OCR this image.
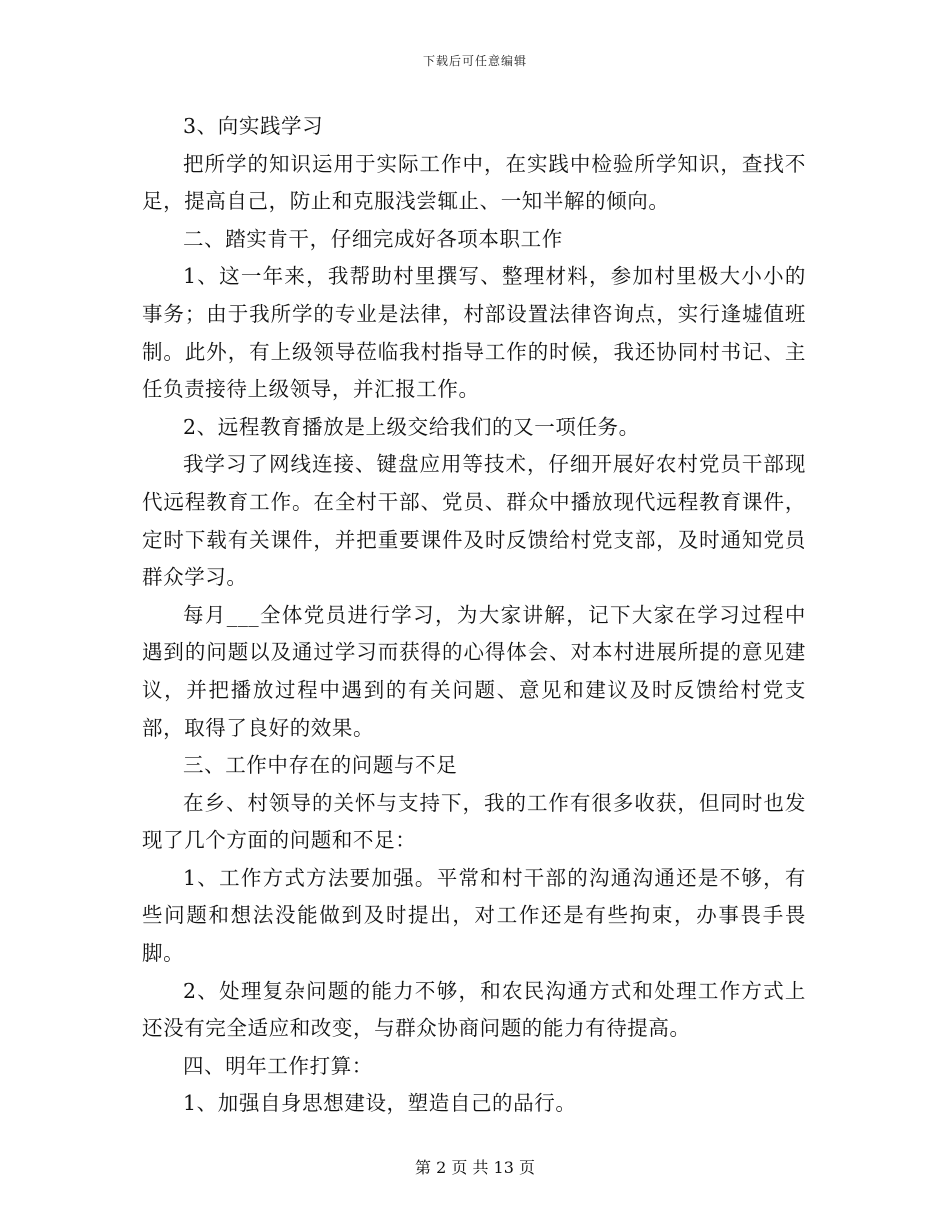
下载后可任意编辑

3、向实践学习

把所学的知识运用于实际工作中，在实践中检验所学知识，查找不足，提高自己，防止和克服浅尝辄止、一知半解的倾向。

二、踏实肯干，仔细完成好各项本职工作

1、这一年来，我帮助村里撰写、整理材料，参加村里极大小小的事务；由于我所学的专业是法律，村部设置法律咨询点，实行逢墟值班制。此外，有上级领导莅临我村指导工作的时候，我还协同村书记、主任负责接待上级领导，并汇报工作。

2、远程教育播放是上级交给我们的又一项任务。

我学习了网线连接、键盘应用等技术，仔细开展好农村党员干部现代远程教育工作。在全村干部、党员、群众中播放现代远程教育课件，定时下载有关课件，并把重要课件及时反馈给村党支部，及时通知党员群众学习。

每月___全体党员进行学习，为大家讲解，记下大家在学习过程中遇到的问题以及通过学习而获得的心得体会、对本村进展所提的意见建议，并把播放过程中遇到的有关问题、意见和建议及时反馈给村党支部，取得了良好的效果。

三、工作中存在的问题与不足

在乡、村领导的关怀与支持下，我的工作有很多收获，但同时也发现了几个方面的问题和不足：

1、工作方式方法要加强。平常和村干部的沟通沟通还是不够，有些问题和想法没能做到及时提出，对工作还是有些拘束，办事畏手畏脚。

2、处理复杂问题的能力不够，和农民沟通方式和处理工作方式上还没有完全适应和改变，与群众协商问题的能力有待提高。

四、明年工作打算：

1、加强自身思想建设，塑造自己的品行。

第 2 页 共 13 页
